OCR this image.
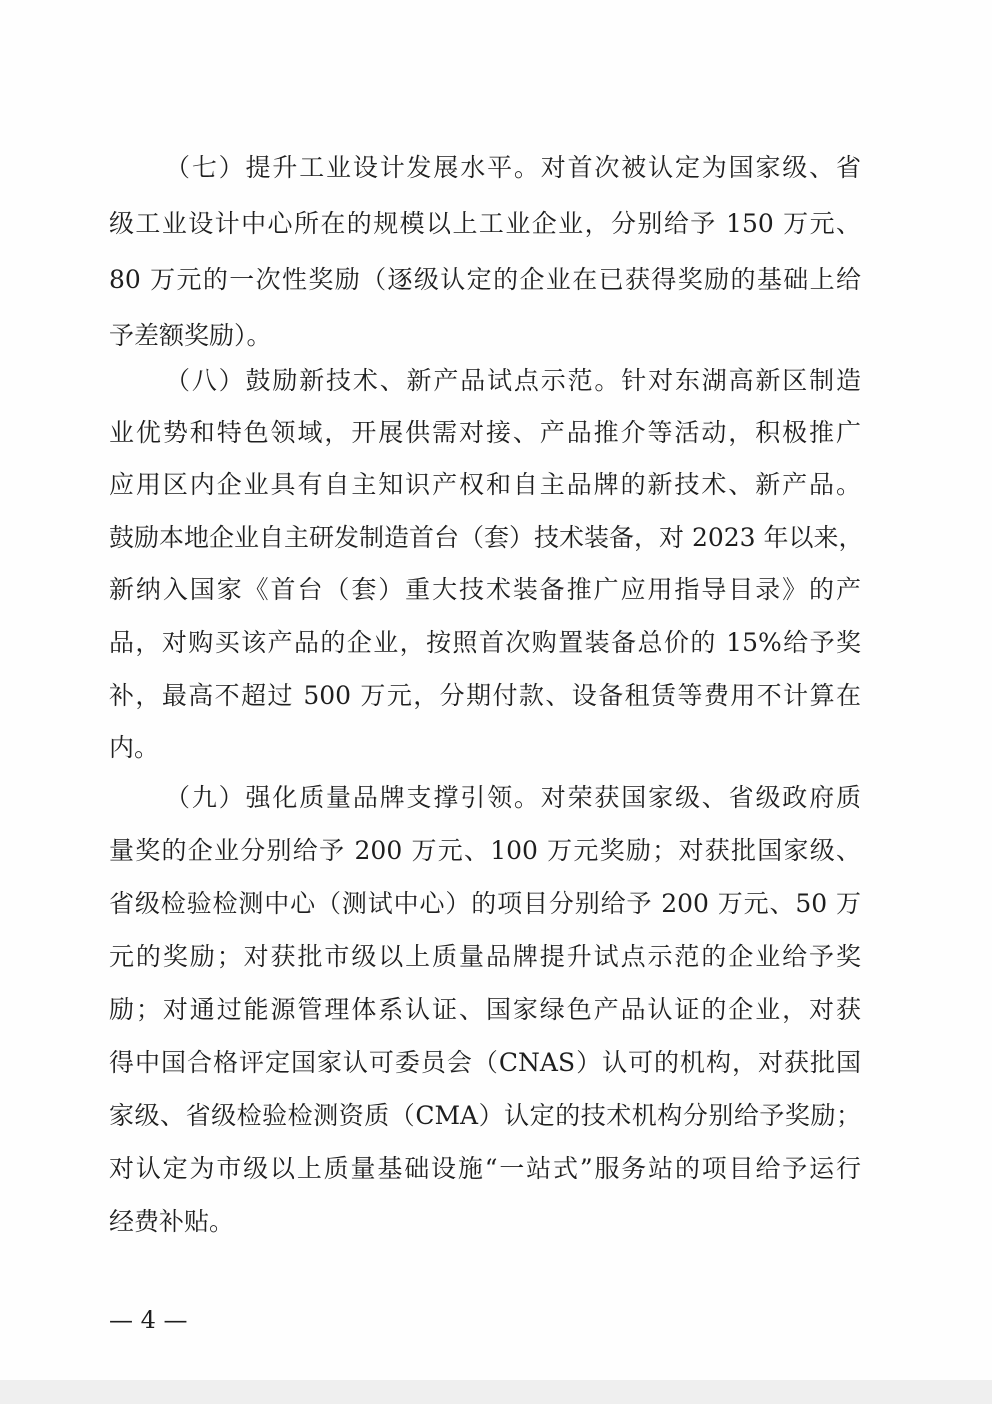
（七）提升工业设计发展水平。对首次被认定为国家级、省
级工业设计中心所在的规模以上工业企业，分别给予 150 万元、
80 万元的一次性奖励（逐级认定的企业在已获得奖励的基础上给
予差额奖励）。
（八）鼓励新技术、新产品试点示范。针对东湖高新区制造
业优势和特色领域，开展供需对接、产品推介等活动，积极推广
应用区内企业具有自主知识产权和自主品牌的新技术、新产品。
鼓励本地企业自主研发制造首台（套）技术装备，对 2023 年以来，
新纳入国家《首台（套）重大技术装备推广应用指导目录》的产
品，对购买该产品的企业，按照首次购置装备总价的 15%给予奖
补，最高不超过 500 万元，分期付款、设备租赁等费用不计算在
内。
（九）强化质量品牌支撑引领。对荣获国家级、省级政府质
量奖的企业分别给予 200 万元、100 万元奖励；对获批国家级、
省级检验检测中心（测试中心）的项目分别给予 200 万元、50 万
元的奖励；对获批市级以上质量品牌提升试点示范的企业给予奖
励；对通过能源管理体系认证、国家绿色产品认证的企业，对获
得中国合格评定国家认可委员会（CNAS）认可的机构，对获批国
家级、省级检验检测资质（CMA）认定的技术机构分别给予奖励；
对认定为市级以上质量基础设施“一站式”服务站的项目给予运行
经费补贴。
— 4 —
